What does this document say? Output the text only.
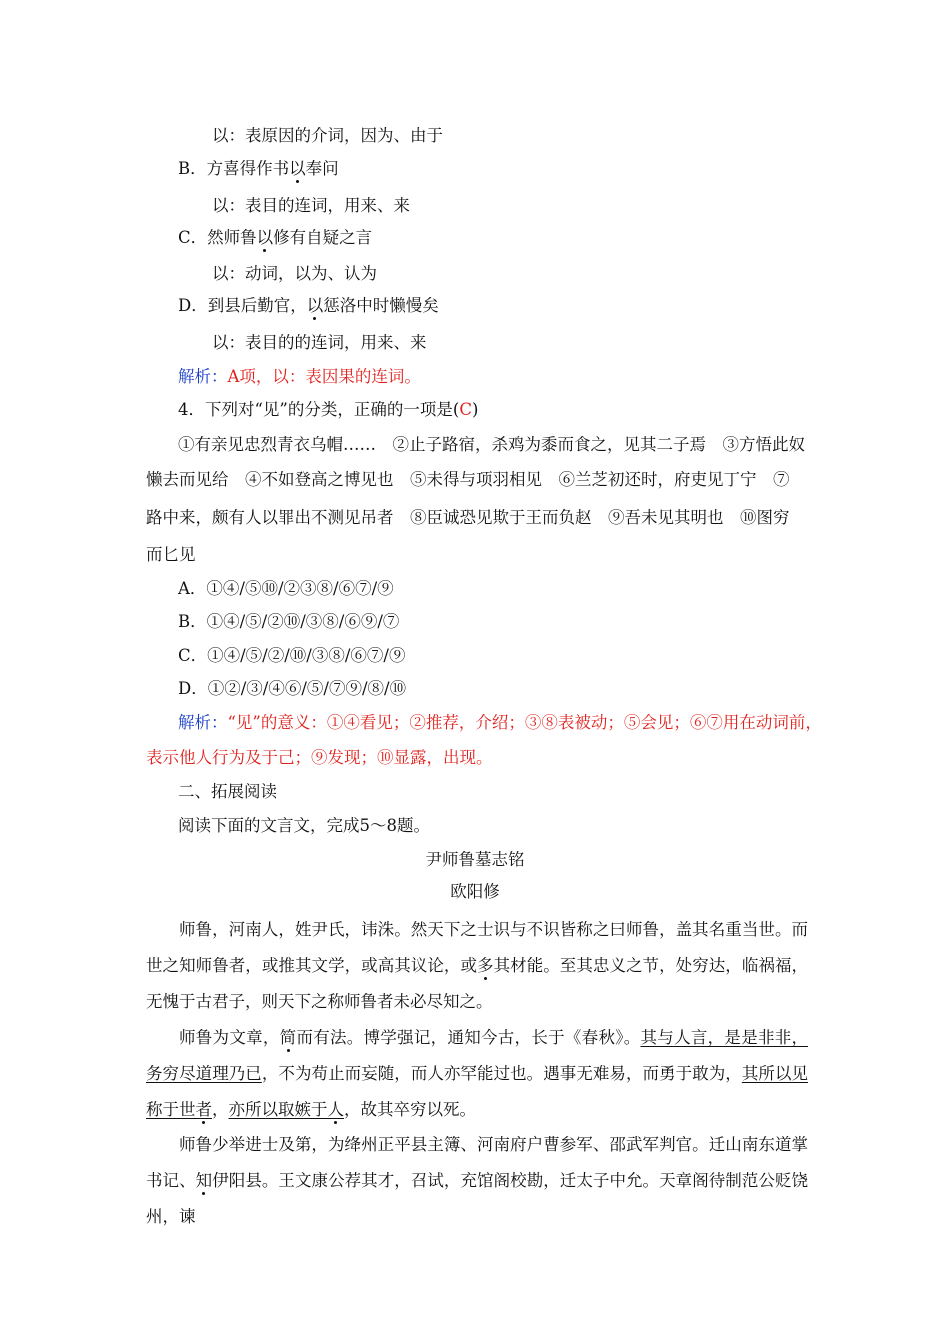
以：表原因的介词，因为、由于
B．方喜得作书以奉问
以：表目的连词，用来、来
C．然师鲁以修有自疑之言
以：动词，以为、认为
D．到县后勤官，以惩洛中时懒慢矣
以：表目的的连词，用来、来
解析：A项，以：表因果的连词。
4．下列对“见”的分类，正确的一项是(C)
①有亲见忠烈青衣乌帽……　②止子路宿，杀鸡为黍而食之，见其二子焉　③方悟此奴
懒去而见给　④不如登高之博见也　⑤未得与项羽相见　⑥兰芝初还时，府吏见丁宁　⑦
路中来，颇有人以罪出不测见吊者　⑧臣诚恐见欺于王而负赵　⑨吾未见其明也　⑩图穷
而匕见
A．①④/⑤⑩/②③⑧/⑥⑦/⑨
B．①④/⑤/②⑩/③⑧/⑥⑨/⑦
C．①④/⑤/②/⑩/③⑧/⑥⑦/⑨
D．①②/③/④⑥/⑤/⑦⑨/⑧/⑩
解析：“见”的意义：①④看见；②推荐，介绍；③⑧表被动；⑤会见；⑥⑦用在动词前，
表示他人行为及于己；⑨发现；⑩显露，出现。
二、拓展阅读
阅读下面的文言文，完成5～8题。
尹师鲁墓志铭
欧阳修
师鲁，河南人，姓尹氏，讳洙。然天下之士识与不识皆称之曰师鲁，盖其名重当世。而世之知师鲁者，或推其文学，或高其议论，或多其材能。至其忠义之节，处穷达，临祸福，无愧于古君子，则天下之称师鲁者未必尽知之。
师鲁为文章，简而有法。博学强记，通知今古，长于《春秋》。其与人言，是是非非，务穷尽道理乃已，不为苟止而妄随，而人亦罕能过也。遇事无难易，而勇于敢为，其所以见称于世者，亦所以取嫉于人，故其卒穷以死。
师鲁少举进士及第，为绛州正平县主簿、河南府户曹参军、邵武军判官。迁山南东道掌书记、知伊阳县。王文康公荐其才，召试，充馆阁校勘，迁太子中允。天章阁待制范公贬饶州，谏
